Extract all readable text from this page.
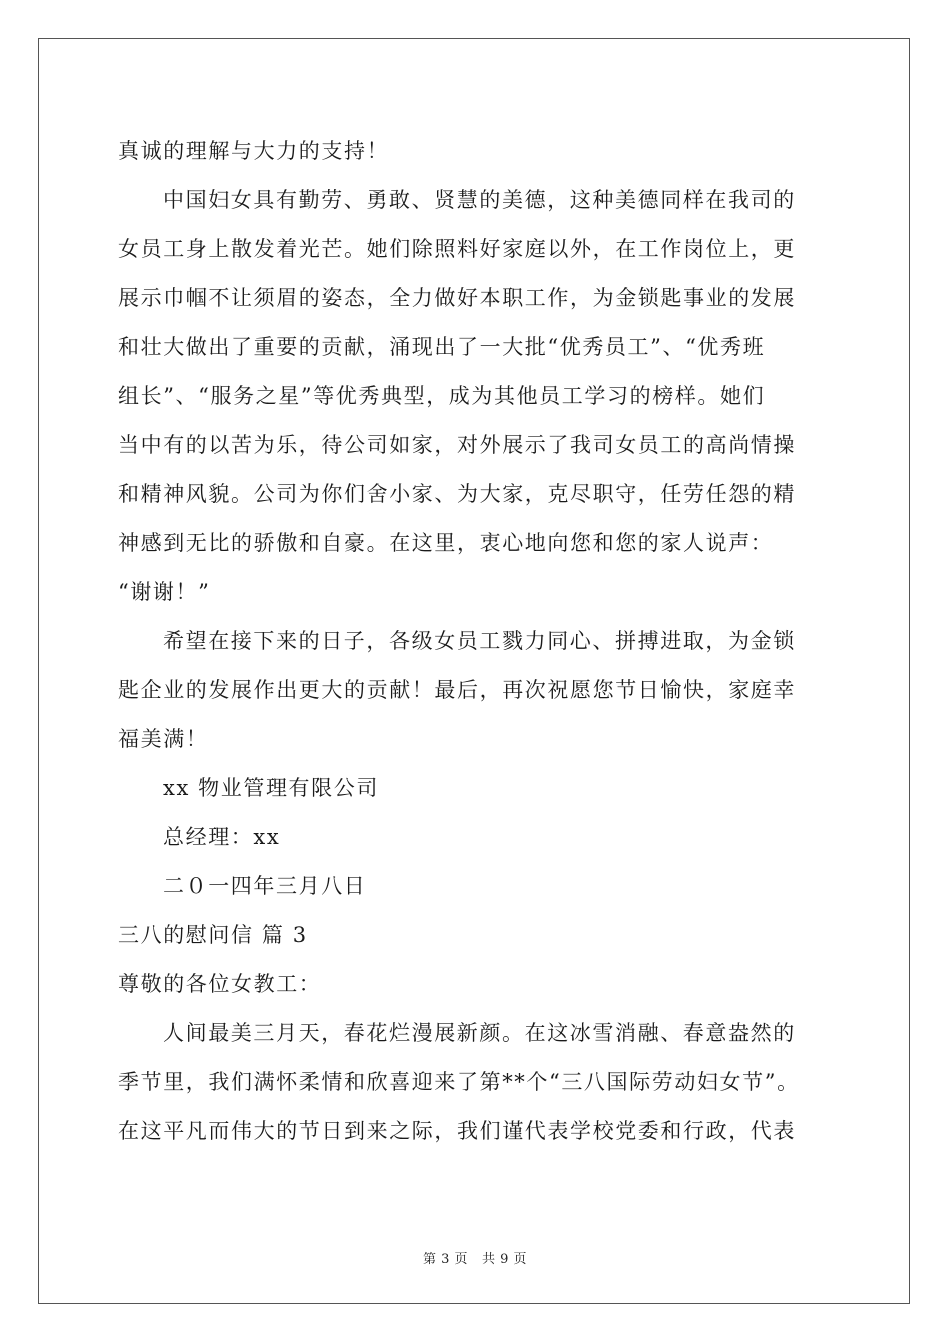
真诚的理解与大力的支持！
中国妇女具有勤劳、勇敢、贤慧的美德，这种美德同样在我司的
女员工身上散发着光芒。她们除照料好家庭以外，在工作岗位上，更
展示巾帼不让须眉的姿态，全力做好本职工作，为金锁匙事业的发展
和壮大做出了重要的贡献，涌现出了一大批“优秀员工”、“优秀班
组长”、“服务之星”等优秀典型，成为其他员工学习的榜样。她们
当中有的以苦为乐，待公司如家，对外展示了我司女员工的高尚情操
和精神风貌。公司为你们舍小家、为大家，克尽职守，任劳任怨的精
神感到无比的骄傲和自豪。在这里，衷心地向您和您的家人说声：
“谢谢！”
希望在接下来的日子，各级女员工戮力同心、拼搏进取，为金锁
匙企业的发展作出更大的贡献！最后，再次祝愿您节日愉快，家庭幸
福美满！
xx 物业管理有限公司
总经理：xx
二０一四年三月八日
三八的慰问信 篇 3
尊敬的各位女教工：
人间最美三月天，春花烂漫展新颜。在这冰雪消融、春意盎然的
季节里，我们满怀柔情和欣喜迎来了第**个“三八国际劳动妇女节”。
在这平凡而伟大的节日到来之际，我们谨代表学校党委和行政，代表
第 3 页 共 9 页
